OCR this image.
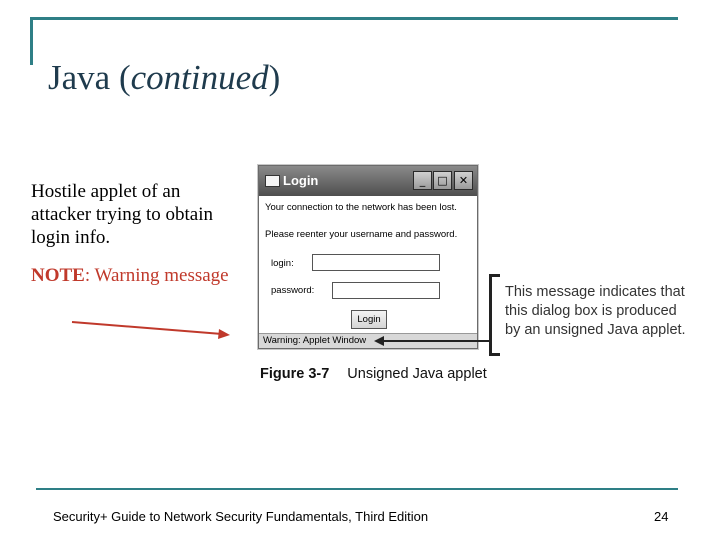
Java (continued)
Hostile applet of an attacker trying to obtain login info.
NOTE: Warning message
Login	_	□	✕
Your connection to the network has been lost.
Please reenter your username and password.
login:
password:
Login
Warning: Applet Window
This message indicates that
this dialog box is produced
by an unsigned Java applet.
Figure 3-7 Unsigned Java applet
Security+ Guide to Network Security Fundamentals, Third Edition	24
